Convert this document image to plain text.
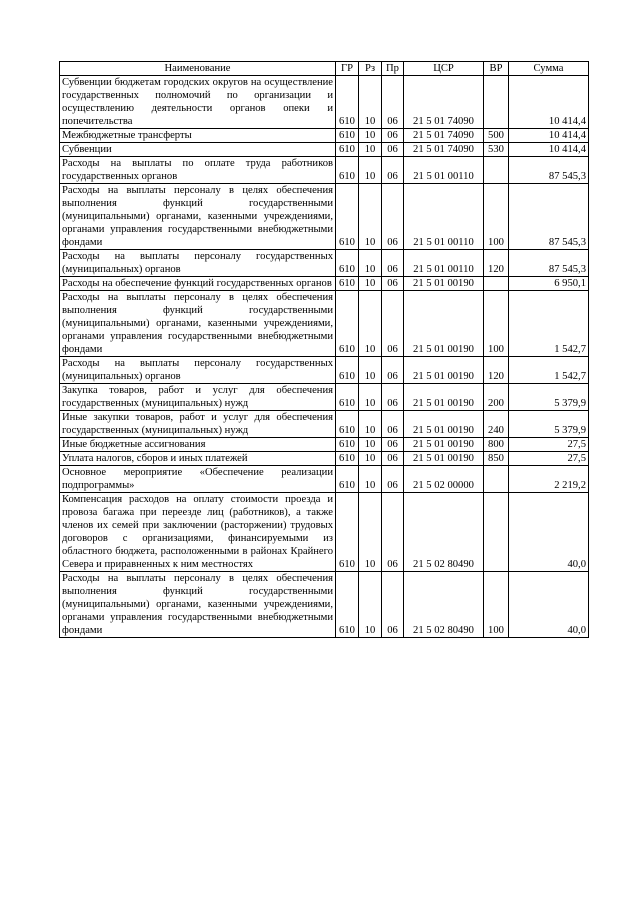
Наименование	ГР	Рз	Пр	ЦСР	ВР	Сумма
Субвенции бюджетам городских округов на осуществление государственных полномочий по организации и осуществлению деятельности органов опеки и попечительства	610	10	06	21 5 01 74090		10 414,4
Межбюджетные трансферты	610	10	06	21 5 01 74090	500	10 414,4
Субвенции	610	10	06	21 5 01 74090	530	10 414,4
Расходы на выплаты по оплате труда работников государственных органов	610	10	06	21 5 01 00110		87 545,3
Расходы на выплаты персоналу в целях обеспечения выполнения функций государственными (муниципальными) органами, казенными учреждениями, органами управления государственными внебюджетными фондами	610	10	06	21 5 01 00110	100	87 545,3
Расходы на выплаты персоналу государственных (муниципальных) органов	610	10	06	21 5 01 00110	120	87 545,3
Расходы на обеспечение функций государственных органов	610	10	06	21 5 01 00190		6 950,1
Расходы на выплаты персоналу в целях обеспечения выполнения функций государственными (муниципальными) органами, казенными учреждениями, органами управления государственными внебюджетными фондами	610	10	06	21 5 01 00190	100	1 542,7
Расходы на выплаты персоналу государственных (муниципальных) органов	610	10	06	21 5 01 00190	120	1 542,7
Закупка товаров, работ и услуг для обеспечения государственных (муниципальных) нужд	610	10	06	21 5 01 00190	200	5 379,9
Иные закупки товаров, работ и услуг для обеспечения государственных (муниципальных) нужд	610	10	06	21 5 01 00190	240	5 379,9
Иные бюджетные ассигнования	610	10	06	21 5 01 00190	800	27,5
Уплата налогов, сборов и иных платежей	610	10	06	21 5 01 00190	850	27,5
Основное мероприятие «Обеспечение реализации подпрограммы»	610	10	06	21 5 02 00000		2 219,2
Компенсация расходов на оплату стоимости проезда и провоза багажа при переезде лиц (работников), а также членов их семей при заключении (расторжении) трудовых договоров с организациями, финансируемыми из областного бюджета, расположенными в районах Крайнего Севера и приравненных к ним местностях	610	10	06	21 5 02 80490		40,0
Расходы на выплаты персоналу в целях обеспечения выполнения функций государственными (муниципальными) органами, казенными учреждениями, органами управления государственными внебюджетными фондами	610	10	06	21 5 02 80490	100	40,0
